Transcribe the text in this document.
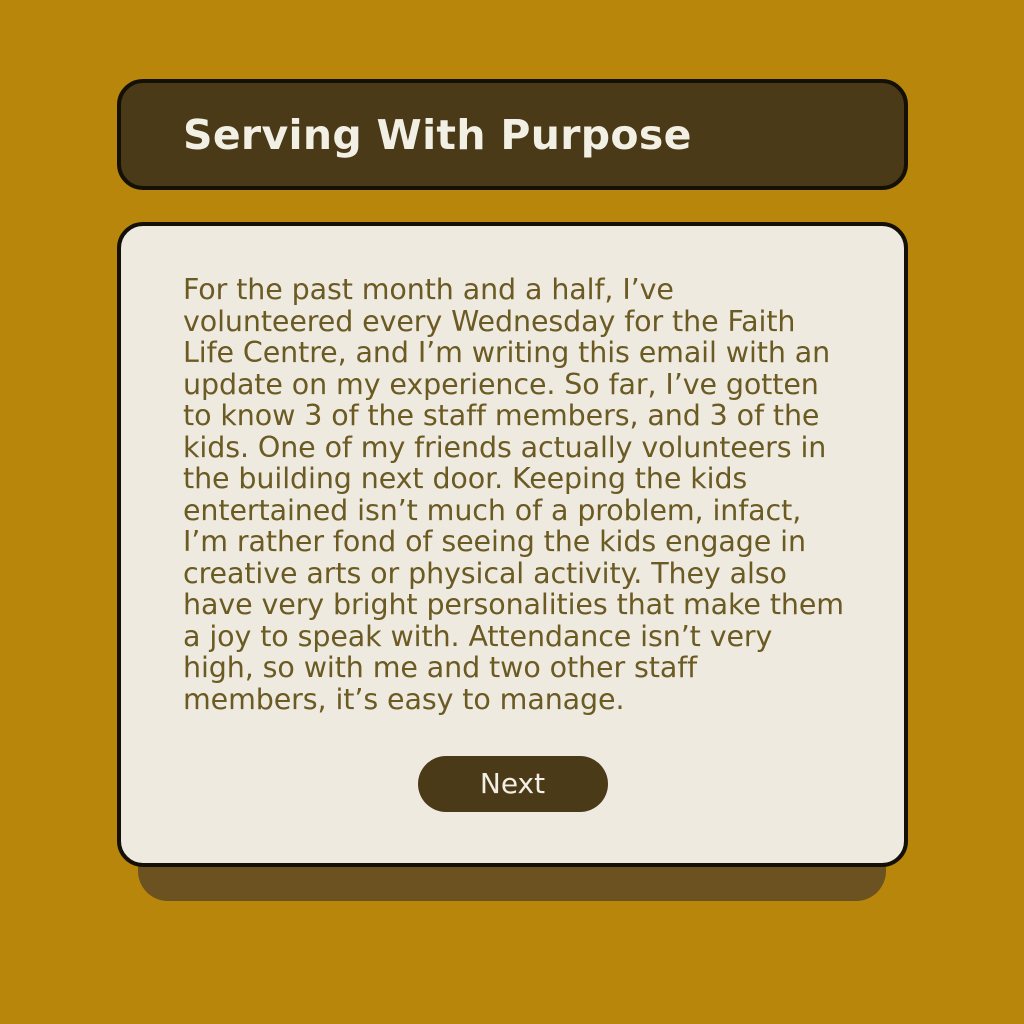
Serving With Purpose
For the past month and a half, I’ve volunteered every Wednesday for the Faith Life Centre, and I’m writing this email with an update on my experience. So far, I’ve gotten to know 3 of the staff members, and 3 of the kids. One of my friends actually volunteers in the building next door. Keeping the kids entertained isn’t much of a problem, infact, I’m rather fond of seeing the kids engage in creative arts or physical activity. They also have very bright personalities that make them a joy to speak with. Attendance isn’t very high, so with me and two other staff members, it’s easy to manage.
Next
